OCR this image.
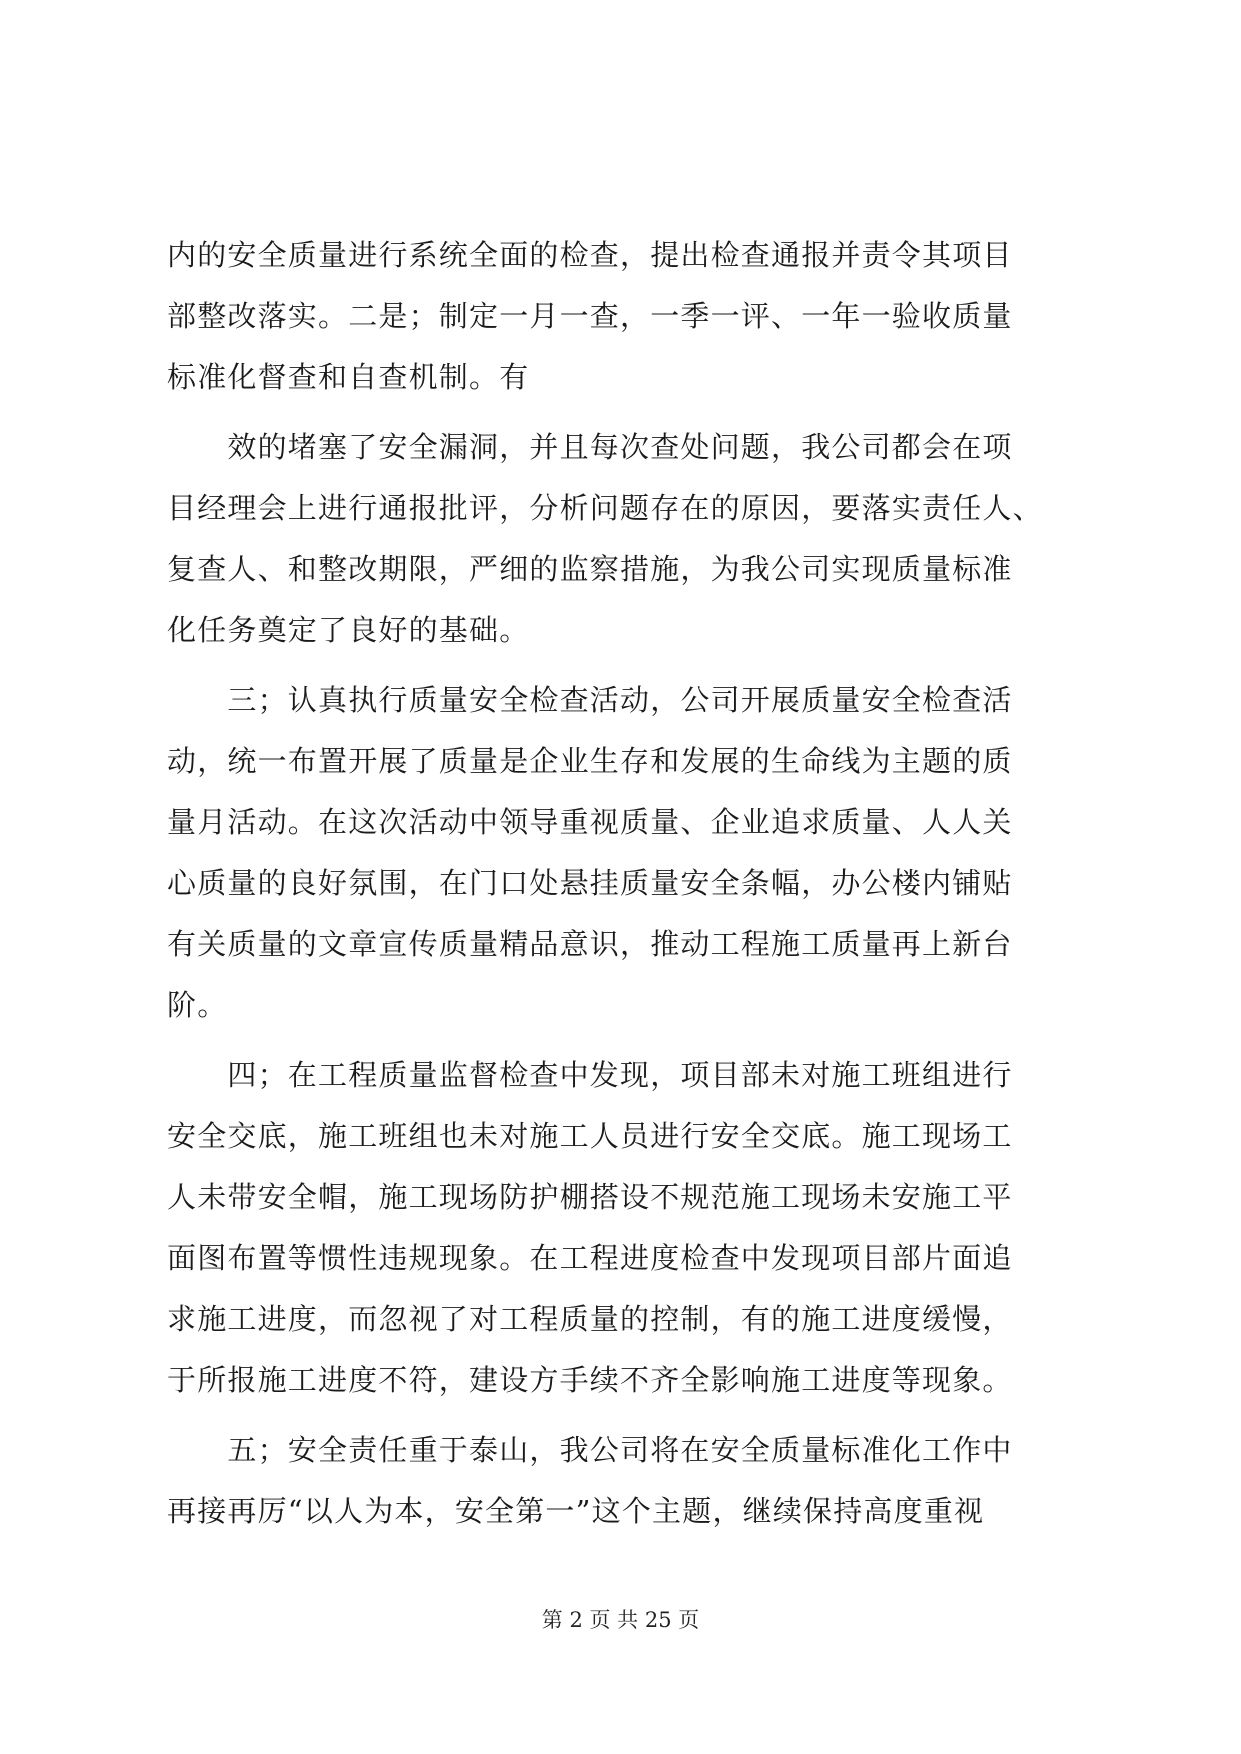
内的安全质量进行系统全面的检查，提出检查通报并责令其项目
部整改落实。二是；制定一月一查，一季一评、一年一验收质量
标准化督查和自查机制。有
　　效的堵塞了安全漏洞，并且每次查处问题，我公司都会在项
目经理会上进行通报批评，分析问题存在的原因，要落实责任人、
复查人、和整改期限，严细的监察措施，为我公司实现质量标准
化任务奠定了良好的基础。
　　三；认真执行质量安全检查活动，公司开展质量安全检查活
动，统一布置开展了质量是企业生存和发展的生命线为主题的质
量月活动。在这次活动中领导重视质量、企业追求质量、人人关
心质量的良好氛围，在门口处悬挂质量安全条幅，办公楼内铺贴
有关质量的文章宣传质量精品意识，推动工程施工质量再上新台
阶。
　　四；在工程质量监督检查中发现，项目部未对施工班组进行
安全交底，施工班组也未对施工人员进行安全交底。施工现场工
人未带安全帽，施工现场防护棚搭设不规范施工现场未安施工平
面图布置等惯性违规现象。在工程进度检查中发现项目部片面追
求施工进度，而忽视了对工程质量的控制，有的施工进度缓慢，
于所报施工进度不符，建设方手续不齐全影响施工进度等现象。
　　五；安全责任重于泰山，我公司将在安全质量标准化工作中
再接再厉“以人为本，安全第一”这个主题，继续保持高度重视
第 2 页 共 25 页
